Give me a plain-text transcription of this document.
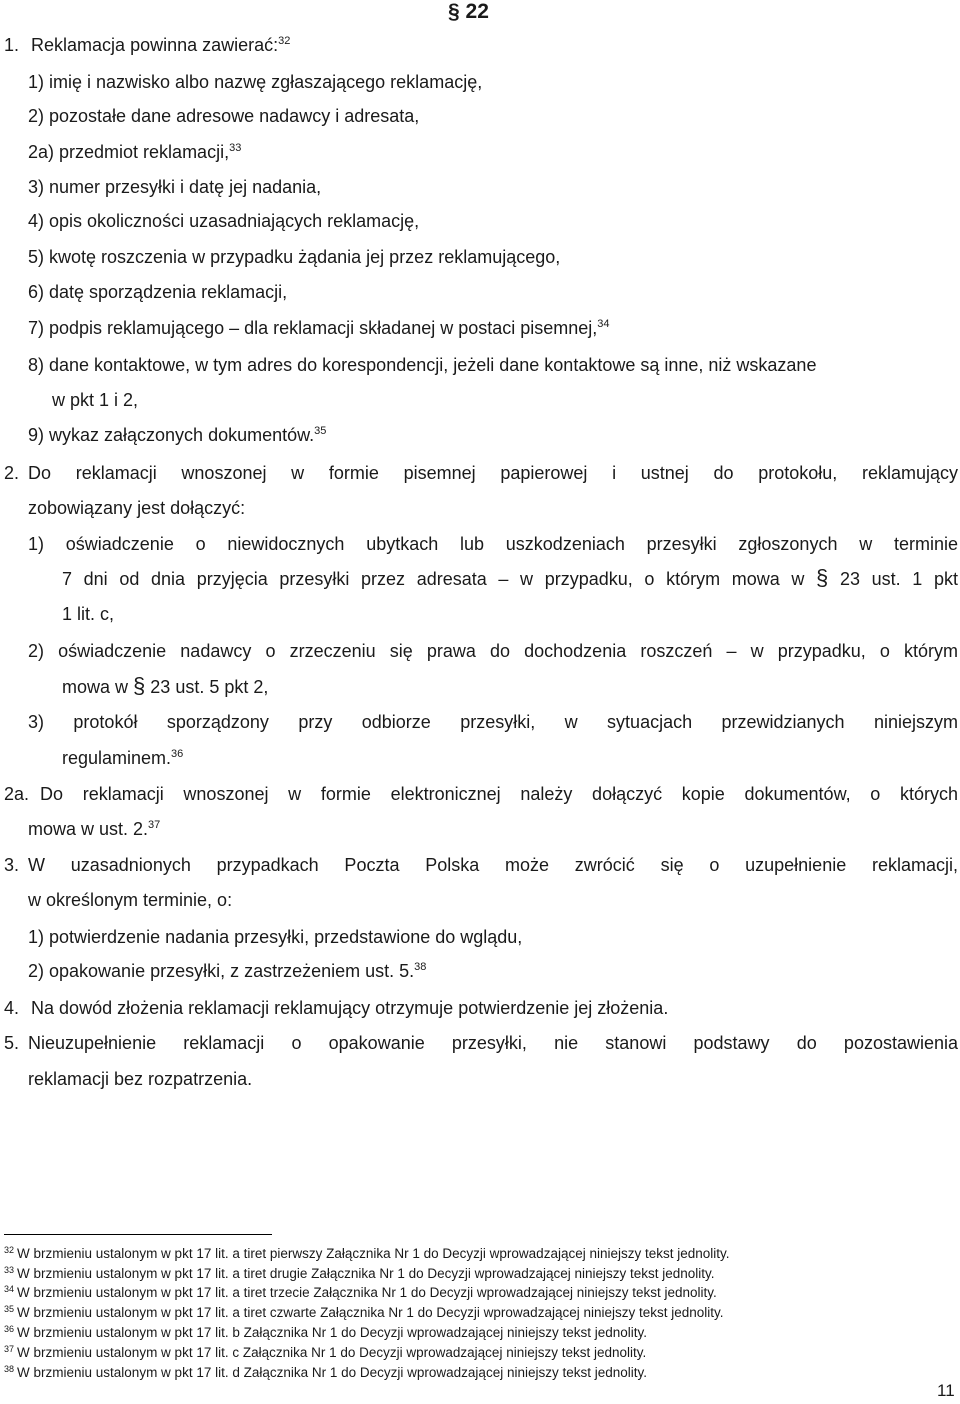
§ 22
1. Reklamacja powinna zawierać:$^{32}$
1) imię i nazwisko albo nazwę zgłaszającego reklamację,
2) pozostałe dane adresowe nadawcy i adresata,
2a) przedmiot reklamacji,$^{33}$
3) numer przesyłki i datę jej nadania,
4) opis okoliczności uzasadniających reklamację,
5) kwotę roszczenia w przypadku żądania jej przez reklamującego,
6) datę sporządzenia reklamacji,
7) podpis reklamującego – dla reklamacji składanej w postaci pisemnej,$^{34}$
8) dane kontaktowe, w tym adres do korespondencji, jeżeli dane kontaktowe są inne, niż wskazane
w pkt 1 i 2,
9) wykaz załączonych dokumentów.$^{35}$
2. Do reklamacji wnoszonej w formie pisemnej papierowej i ustnej do protokołu, reklamujący
zobowiązany jest dołączyć:
1) oświadczenie o niewidocznych ubytkach lub uszkodzeniach przesyłki zgłoszonych w terminie
7 dni od dnia przyjęcia przesyłki przez adresata – w przypadku, o którym mowa w § 23 ust. 1 pkt
1 lit. c,
2) oświadczenie nadawcy o zrzeczeniu się prawa do dochodzenia roszczeń – w przypadku, o którym
mowa w § 23 ust. 5 pkt 2,
3) protokół sporządzony przy odbiorze przesyłki, w sytuacjach przewidzianych niniejszym
regulaminem.$^{36}$
2a. Do reklamacji wnoszonej w formie elektronicznej należy dołączyć kopie dokumentów, o których
mowa w ust. 2.37
3. W uzasadnionych przypadkach Poczta Polska może zwrócić się o uzupełnienie reklamacji,
w określonym terminie, o:
1) potwierdzenie nadania przesyłki, przedstawione do wglądu,
2) opakowanie przesyłki, z zastrzeżeniem ust. 5.38
4. Na dowód złożenia reklamacji reklamujący otrzymuje potwierdzenie jej złożenia.
5. Nieuzupełnienie reklamacji o opakowanie przesyłki, nie stanowi podstawy do pozostawienia
reklamacji bez rozpatrzenia.
$^{32}$ W brzmieniu ustalonym w pkt 17 lit. a tiret pierwszy Załącznika Nr 1 do Decyzji wprowadzającej niniejszy tekst jednolity.
$^{33}$ W brzmieniu ustalonym w pkt 17 lit. a tiret drugie Załącznika Nr 1 do Decyzji wprowadzającej niniejszy tekst jednolity.
$^{34}$ W brzmieniu ustalonym w pkt 17 lit. a tiret trzecie Załącznika Nr 1 do Decyzji wprowadzającej niniejszy tekst jednolity.
$^{35}$ W brzmieniu ustalonym w pkt 17 lit. a tiret czwarte Załącznika Nr 1 do Decyzji wprowadzającej niniejszy tekst jednolity.
$^{36}$ W brzmieniu ustalonym w pkt 17 lit. b Załącznika Nr 1 do Decyzji wprowadzającej niniejszy tekst jednolity.
$^{37}$ W brzmieniu ustalonym w pkt 17 lit. c Załącznika Nr 1 do Decyzji wprowadzającej niniejszy tekst jednolity.
$^{38}$ W brzmieniu ustalonym w pkt 17 lit. d Załącznika Nr 1 do Decyzji wprowadzającej niniejszy tekst jednolity.
11
